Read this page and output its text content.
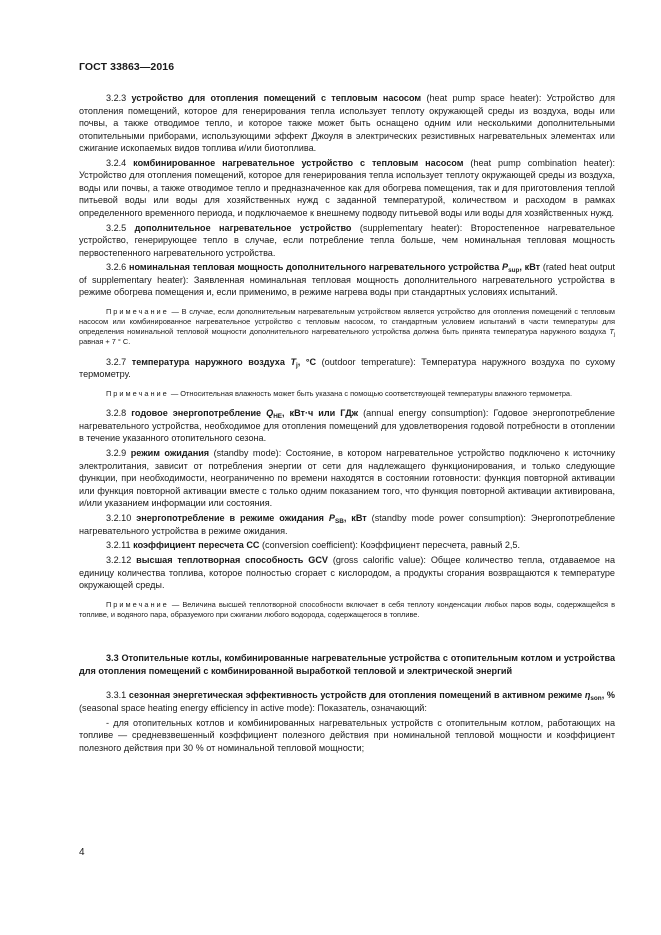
ГОСТ 33863—2016

3.2.3 устройство для отопления помещений с тепловым насосом (heat pump space heater): Устройство для отопления помещений, которое для генерирования тепла использует теплоту окружающей среды из воздуха, воды или почвы, а также отводимое тепло, и которое также может быть оснащено одним или несколькими дополнительными отопительными приборами, использующими эффект Джоуля в электрических резистивных нагревательных элементах или сжигание ископаемых видов топлива и/или биотоплива.

3.2.4 комбинированное нагревательное устройство с тепловым насосом (heat pump combination heater): Устройство для отопления помещений, которое для генерирования тепла использует теплоту окружающей среды из воздуха, воды или почвы, а также отводимое тепло и предназначенное как для обогрева помещения, так и для приготовления теплой питьевой воды или воды для хозяйственных нужд с заданной температурой, количеством и расходом в рамках определенного временного периода, и подключаемое к внешнему подводу питьевой воды или воды для хозяйственных нужд.

3.2.5 дополнительное нагревательное устройство (supplementary heater): Второстепенное нагревательное устройство, генерирующее тепло в случае, если потребление тепла больше, чем номинальная тепловая мощность первостепенного нагревательного устройства.

3.2.6 номинальная тепловая мощность дополнительного нагревательного устройства $P_{sup}$, кВт (rated heat output of supplementary heater): Заявленная номинальная тепловая мощность дополнительного нагревательного устройства в режиме обогрева помещения и, если применимо, в режиме нагрева воды при стандартных условиях испытаний.

Примечание — В случае, если дополнительным нагревательным устройством является устройство для отопления помещений с тепловым насосом или комбинированное нагревательное устройство с тепловым насосом, то стандартным условием испытаний в части температуры для определения номинальной тепловой мощности дополнительного нагревательного устройства должна быть принята температура наружного воздуха $T_j$ равная + 7 ° С.

3.2.7 температура наружного воздуха $T_j$, °С (outdoor temperature): Температура наружного воздуха по сухому термометру.

Примечание — Относительная влажность может быть указана с помощью соответствующей температуры влажного термометра.

3.2.8 годовое энергопотребление $Q_{HE}$, кВт·ч или ГДж (annual energy consumption): Годовое энергопотребление нагревательного устройства, необходимое для отопления помещений для удовлетворения годовой потребности в отоплении в течение указанного отопительного сезона.

3.2.9 режим ожидания (standby mode): Состояние, в котором нагревательное устройство подключено к источнику электролитания, зависит от потребления энергии от сети для надлежащего функционирования, и только следующие функции, при необходимости, неограниченно по времени находятся в состоянии готовности: функция повторной активации или функция повторной активации вместе с только одним показанием того, что функция повторной активации активирована, и/или указанием информации или состояния.

3.2.10 энергопотребление в режиме ожидания $P_{SB}$, кВт (standby mode power consumption): Энергопотребление нагревательного устройства в режиме ожидания.

3.2.11 коэффициент пересчета CC (conversion coefficient): Коэффициент пересчета, равный 2,5.

3.2.12 высшая теплотворная способность GCV (gross calorific value): Общее количество тепла, отдаваемое на единицу количества топлива, которое полностью сгорает с кислородом, а продукты сгорания возвращаются к температуре окружающей среды.

Примечание — Величина высшей теплотворной способности включает в себя теплоту конденсации любых паров воды, содержащейся в топливе, и водяного пара, образуемого при сжигании любого водорода, содержащегося в топливе.

3.3 Отопительные котлы, комбинированные нагревательные устройства с отопительным котлом и устройства для отопления помещений с комбинированной выработкой тепловой и электрической энергий

3.3.1 сезонная энергетическая эффективность устройств для отопления помещений в активном режиме $\eta_{son}$, % (seasonal space heating energy efficiency in active mode): Показатель, означающий:

- для отопительных котлов и комбинированных нагревательных устройств с отопительным котлом, работающих на топливе — средневзвешенный коэффициент полезного действия при номинальной тепловой мощности и коэффициент полезного действия при 30 % от номинальной тепловой мощности;

4
